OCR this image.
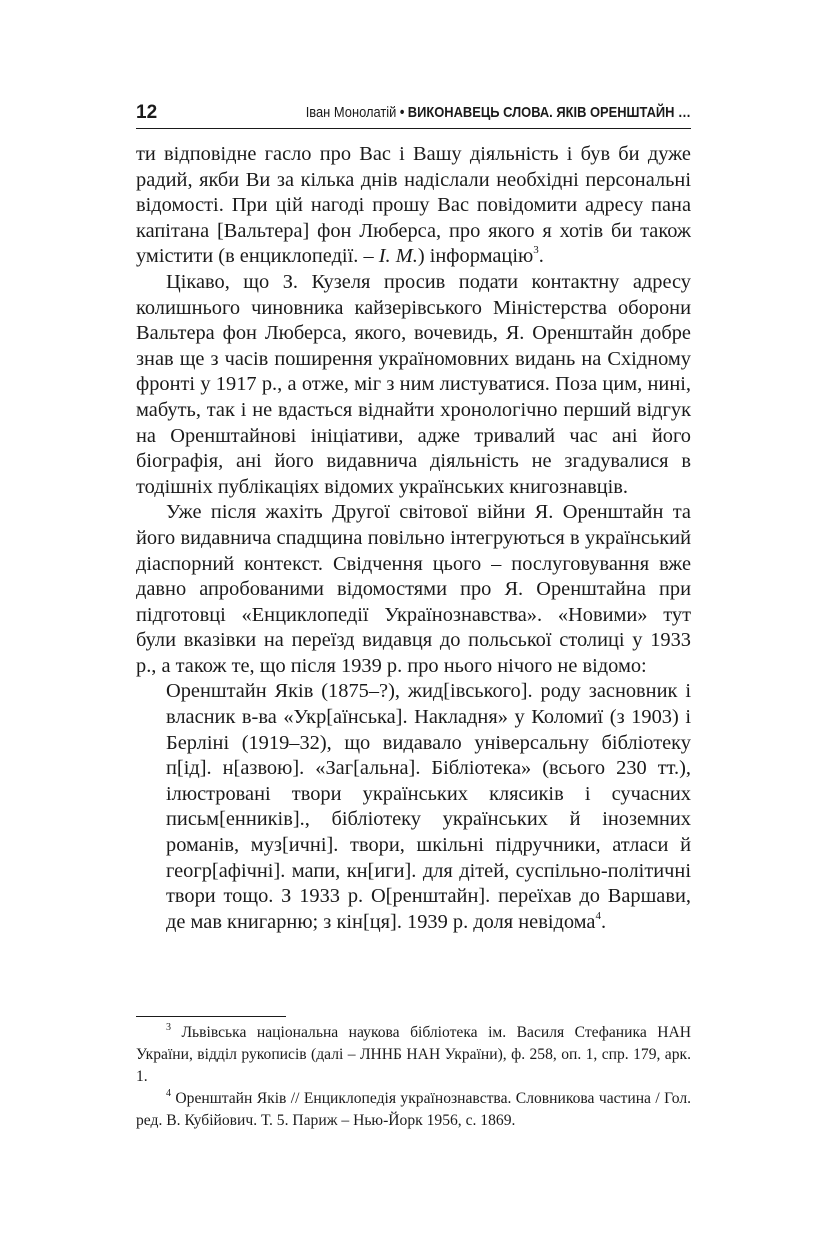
12	Іван Монолатій • ВИКОНАВЕЦЬ СЛОВА. ЯКІВ ОРЕНШТАЙН …

ти відповідне гасло про Вас і Вашу діяльність і був би дуже радий, якби Ви за кілька днів надіслали необхідні персональні відомості. При цій нагоді прошу Вас повідомити адресу пана капітана [Вальтера] фон Люберса, про якого я хотів би також умістити (в енциклопедії. – І. М.) інформацію$^3$.

Цікаво, що З. Кузеля просив подати контактну адресу колишнього чиновника кайзерівського Міністерства оборони Вальтера фон Люберса, якого, вочевидь, Я. Оренштайн добре знав ще з часів поширення україномовних видань на Східному фронті у 1917 р., а отже, міг з ним листуватися. Поза цим, нині, мабуть, так і не вдасться віднайти хронологічно перший відгук на Оренштайнові ініціативи, адже тривалий час ані його біографія, ані його видавнича діяльність не згадувалися в тодішніх публікаціях відомих українських книгознавців.

Уже після жахіть Другої світової війни Я. Оренштайн та його видавнича спадщина повільно інтегруються в український діаспорний контекст. Свідчення цього – послуговування вже давно апробованими відомостями про Я. Оренштайна при підготовці «Енциклопедії Українознавства». «Новими» тут були вказівки на переїзд видавця до польської столиці у 1933 р., а також те, що після 1939 р. про нього нічого не відомо:

Оренштайн Яків (1875–?), жид[івського]. роду засновник і власник в-ва «Укр[аїнська]. Накладня» у Коломиї (з 1903) і Берліні (1919–32), що видавало універсальну бібліотеку п[ід]. н[азвою]. «Заг[альна]. Бібліотека» (всього 230 тт.), ілюстровані твори українських клясиків і сучасних письм[енників]., бібліотеку українських й іноземних романів, муз[ичні]. твори, шкільні підручники, атласи й геогр[афічні]. мапи, кн[иги]. для дітей, суспільно-політичні твори тощо. З 1933 р. О[ренштайн]. переїхав до Варшави, де мав книгарню; з кін[ця]. 1939 р. доля невідома$^4$.

$^3$ Львівська національна наукова бібліотека ім. Василя Стефаника НАН України, відділ рукописів (далі – ЛННБ НАН України), ф. 258, оп. 1, спр. 179, арк. 1.

$^4$ Оренштайн Яків // Енциклопедія українознавства. Словникова частина / Гол. ред. В. Кубійович. Т. 5. Париж – Нью-Йорк 1956, с. 1869.
